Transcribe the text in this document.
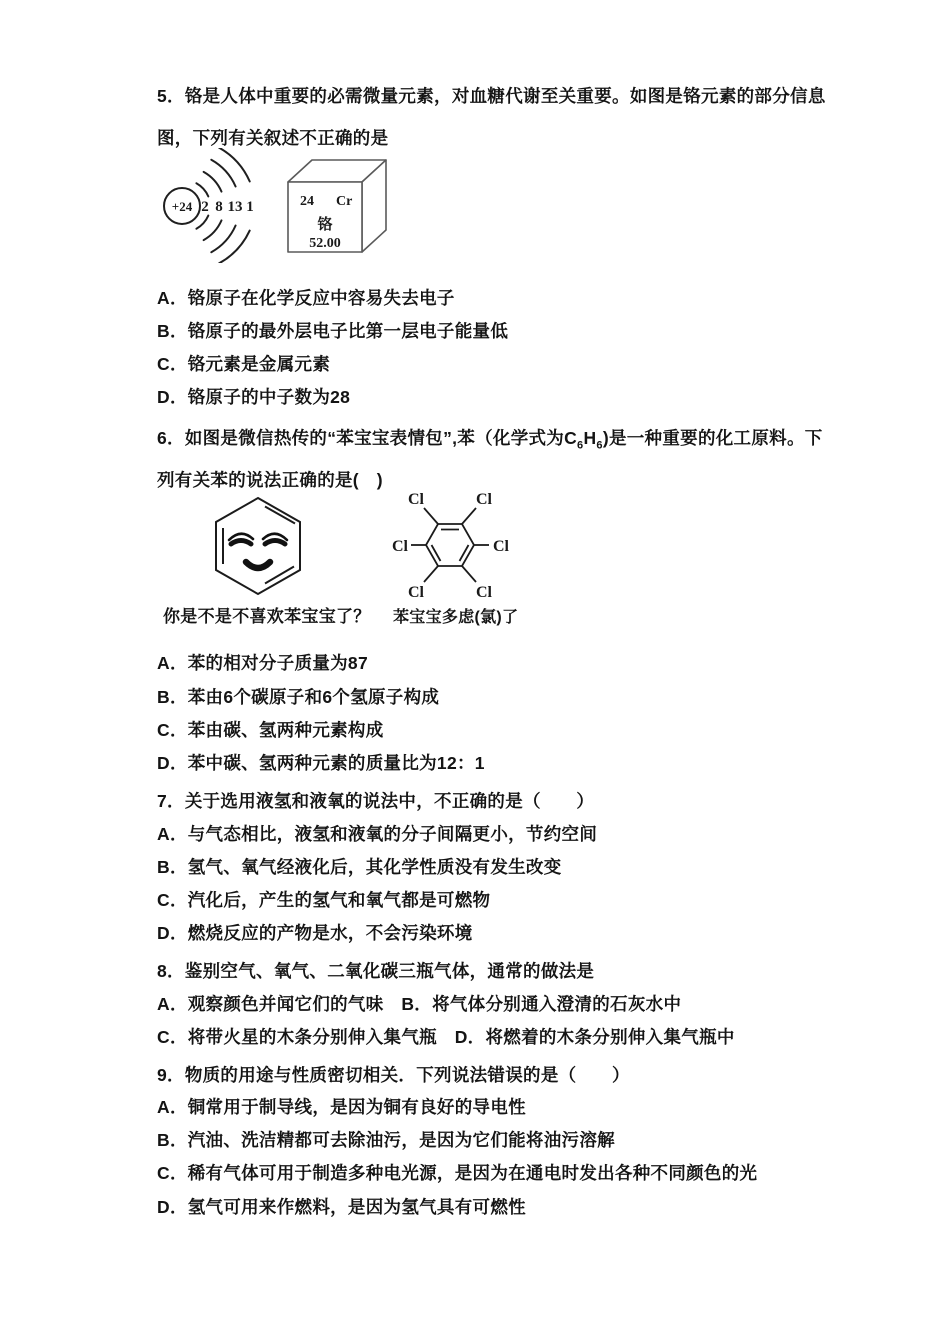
5．铬是人体中重要的必需微量元素，对血糖代谢至关重要。如图是铬元素的部分信息
图，下列有关叙述不正确的是
+24 2 8 13 1	24 Cr
铬
52.00
A．铬原子在化学反应中容易失去电子
B．铬原子的最外层电子比第一层电子能量低
C．铬元素是金属元素
D．铬原子的中子数为28
6．如图是微信热传的“苯宝宝表情包”,苯（化学式为$C_6H_6$)是一种重要的化工原料。下
列有关苯的说法正确的是(　)
Cl	Cl
Cl	Cl
Cl	Cl
你是不是不喜欢苯宝宝了？ 苯宝宝多虑(氯)了
A．苯的相对分子质量为87
B．苯由6个碳原子和6个氢原子构成
C．苯由碳、氢两种元素构成
D．苯中碳、氢两种元素的质量比为12：1
7．关于选用液氢和液氧的说法中，不正确的是（　　）
A．与气态相比，液氢和液氧的分子间隔更小，节约空间
B．氢气、氧气经液化后，其化学性质没有发生改变
C．汽化后，产生的氢气和氧气都是可燃物
D．燃烧反应的产物是水，不会污染环境
8．鉴别空气、氧气、二氧化碳三瓶气体，通常的做法是
A．观察颜色并闻它们的气味　B．将气体分别通入澄清的石灰水中
C．将带火星的木条分别伸入集气瓶　D．将燃着的木条分别伸入集气瓶中
9．物质的用途与性质密切相关．下列说法错误的是（　　）
A．铜常用于制导线，是因为铜有良好的导电性
B．汽油、洗洁精都可去除油污，是因为它们能将油污溶解
C．稀有气体可用于制造多种电光源，是因为在通电时发出各种不同颜色的光
D．氢气可用来作燃料，是因为氢气具有可燃性
